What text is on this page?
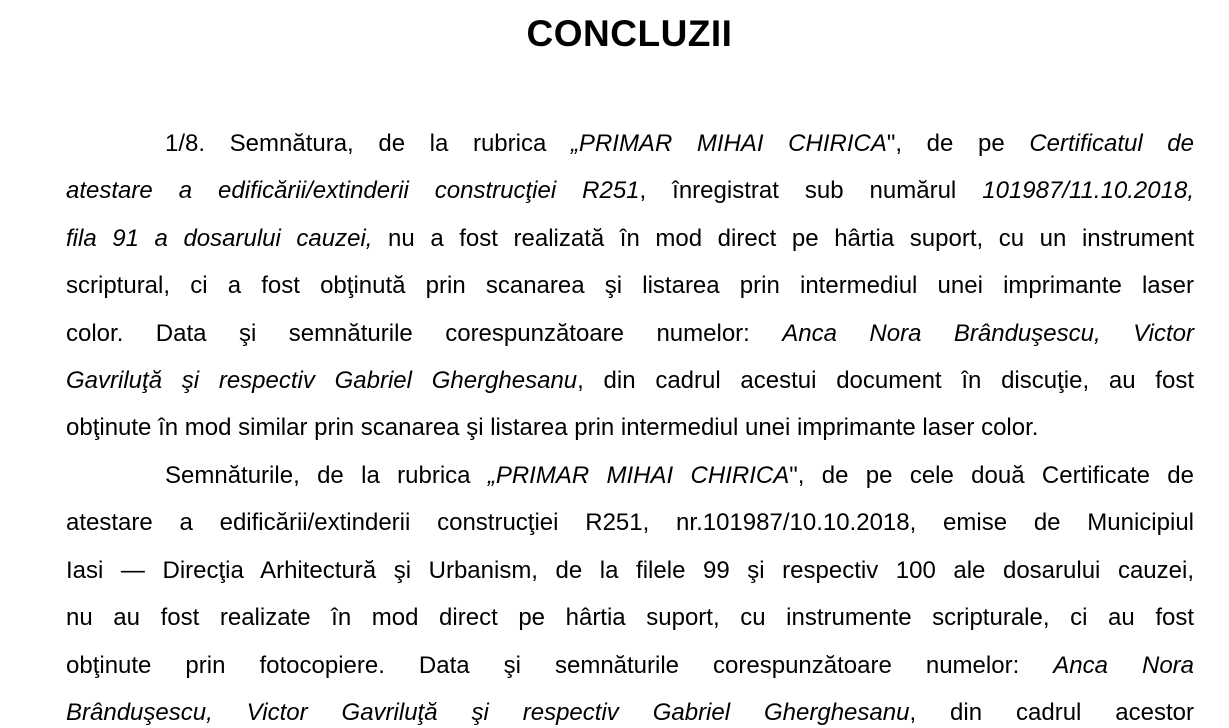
CONCLUZII
1/8. Semnătura, de la rubrica „PRIMAR MIHAI CHIRICA", de pe Certificatul de
atestare a edificării/extinderii construcţiei R251, înregistrat sub numărul 101987/11.10.2018,
fila 91 a dosarului cauzei, nu a fost realizată în mod direct pe hârtia suport, cu un instrument
scriptural, ci a fost obţinută prin scanarea şi listarea prin intermediul unei imprimante laser
color. Data şi semnăturile corespunzătoare numelor: Anca Nora Brânduşescu, Victor
Gavriluţă şi respectiv Gabriel Gherghesanu, din cadrul acestui document în discuţie, au fost
obţinute în mod similar prin scanarea şi listarea prin intermediul unei imprimante laser color.
Semnăturile, de la rubrica „PRIMAR MIHAI CHIRICA", de pe cele două Certificate de
atestare a edificării/extinderii construcţiei R251, nr.101987/10.10.2018, emise de Municipiul
Iasi — Direcţia Arhitectură şi Urbanism, de la filele 99 şi respectiv 100 ale dosarului cauzei,
nu au fost realizate în mod direct pe hârtia suport, cu instrumente scripturale, ci au fost
obţinute prin fotocopiere. Data şi semnăturile corespunzătoare numelor: Anca Nora
Brânduşescu, Victor Gavriluţă şi respectiv Gabriel Gherghesanu, din cadrul acestor
